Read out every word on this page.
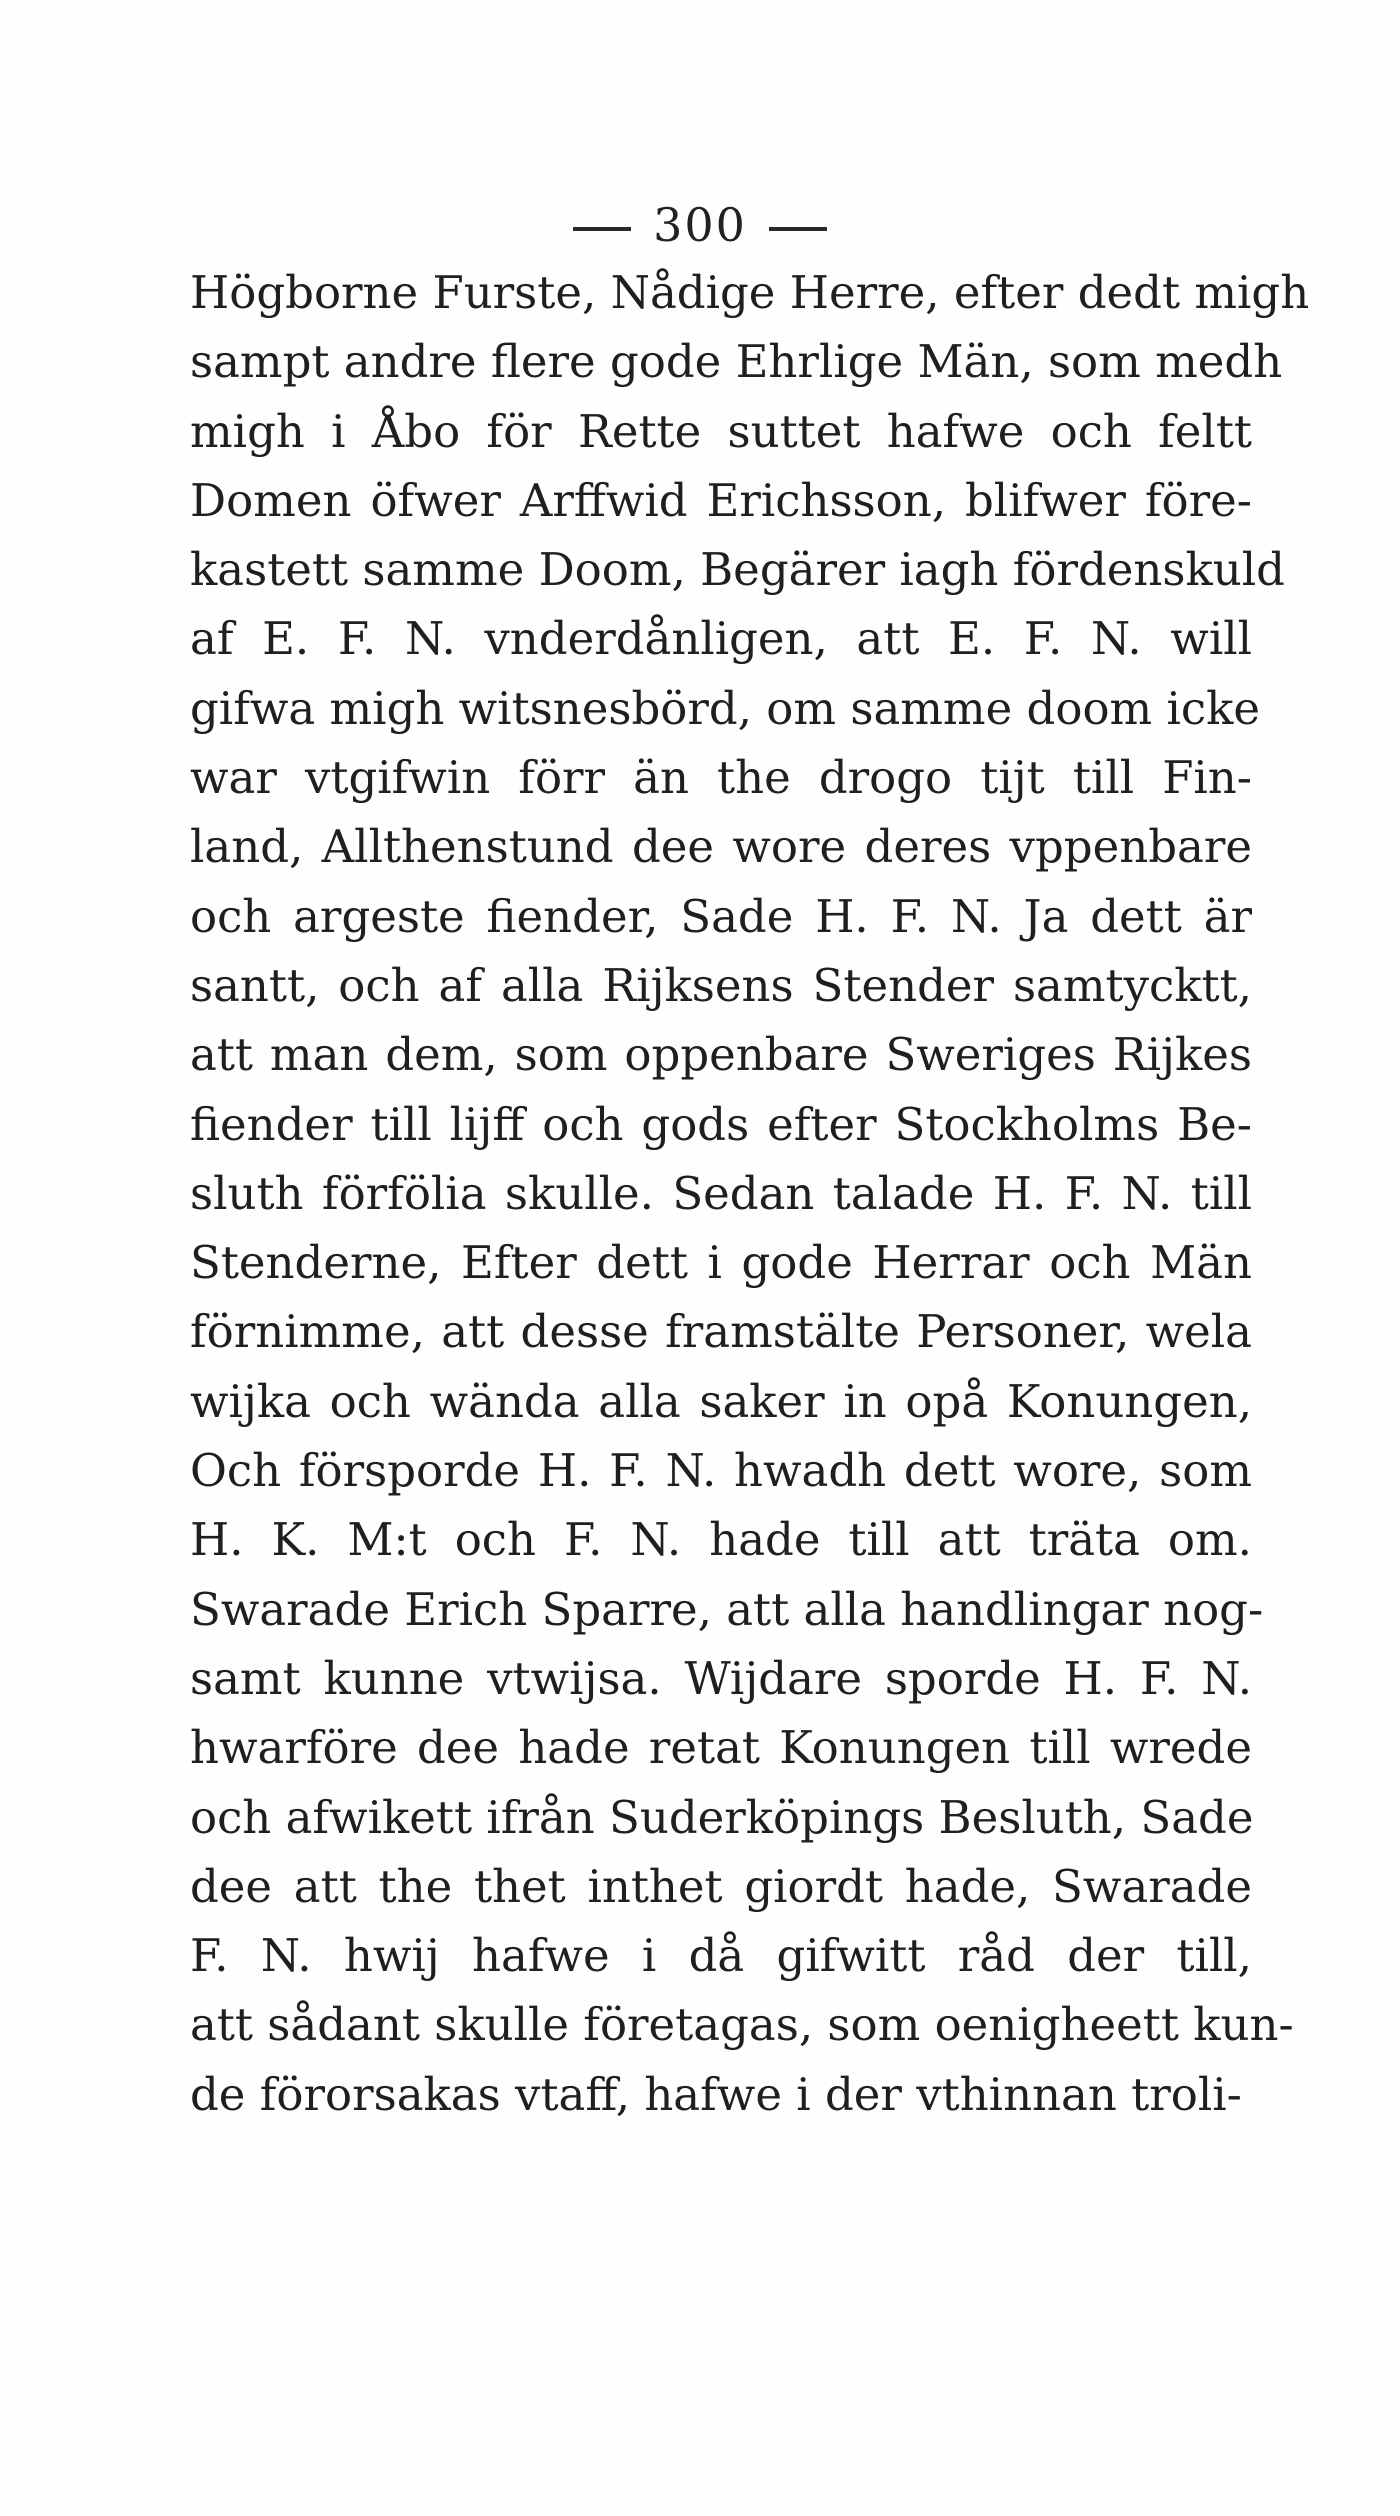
300
Högborne Furste, Nådige Herre, efter dedt migh
sampt andre flere gode Ehrlige Män, som medh
migh i Åbo för Rette suttet hafwe och feltt
Domen öfwer Arffwid Erichsson, blifwer före-
kastett samme Doom, Begärer iagh fördenskuld
af E. F. N. vnderdånligen, att E. F. N. will
gifwa migh witsnesbörd, om samme doom icke
war vtgifwin förr än the drogo tijt till Fin-
land, Allthenstund dee wore deres vppenbare
och argeste fiender, Sade H. F. N. Ja dett är
santt, och af alla Rijksens Stender samtycktt,
att man dem, som oppenbare Sweriges Rijkes
fiender till lijff och gods efter Stockholms Be-
sluth förfölia skulle. Sedan talade H. F. N. till
Stenderne, Efter dett i gode Herrar och Män
förnimme, att desse framstälte Personer, wela
wijka och wända alla saker in opå Konungen,
Och försporde H. F. N. hwadh dett wore, som
H. K. M:t och F. N. hade till att träta om.
Swarade Erich Sparre, att alla handlingar nog-
samt kunne vtwijsa. Wijdare sporde H. F. N.
hwarföre dee hade retat Konungen till wrede
och afwikett ifrån Suderköpings Besluth, Sade
dee att the thet inthet giordt hade, Swarade
F. N. hwij hafwe i då gifwitt råd der till,
att sådant skulle företagas, som oenigheett kun-
de förorsakas vtaff, hafwe i der vthinnan troli-
